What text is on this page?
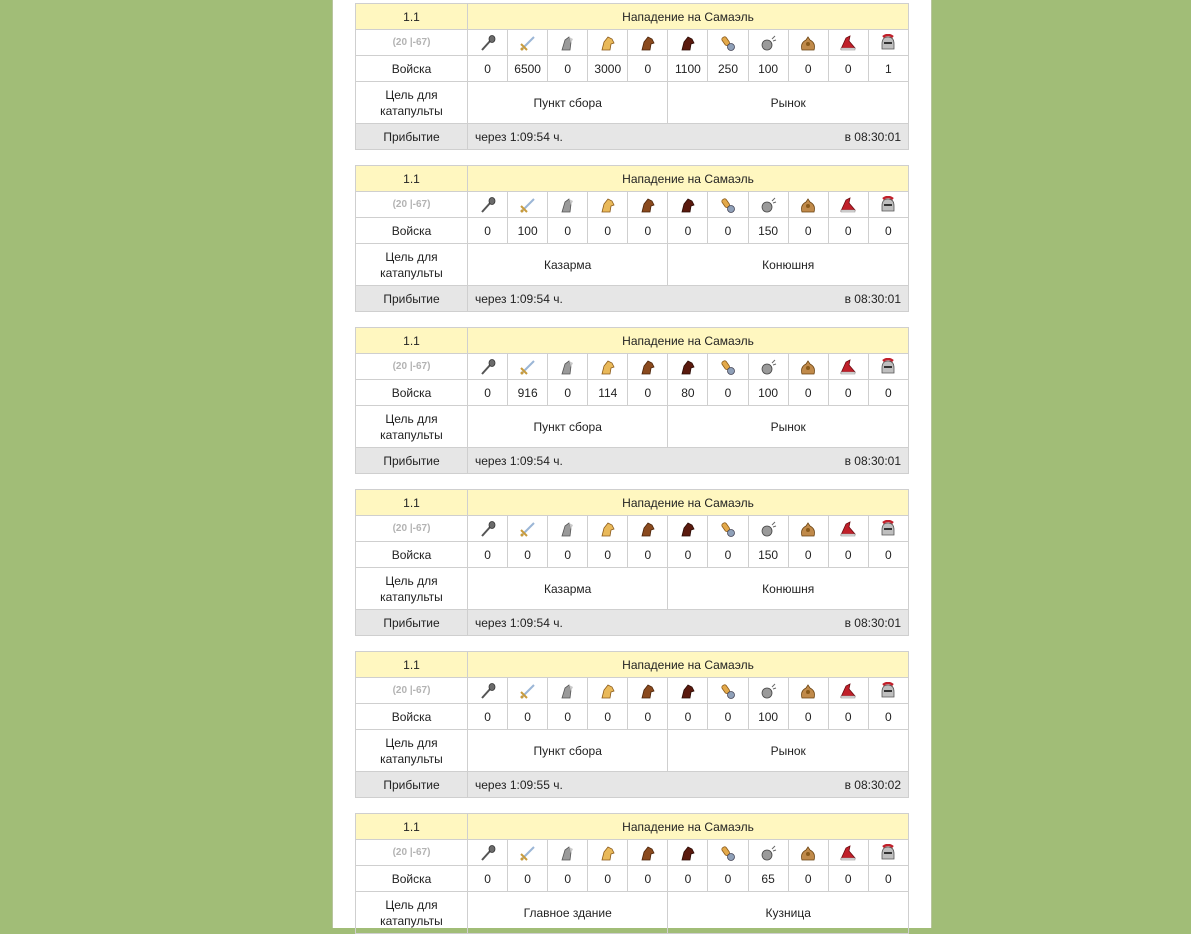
1.1	Нападение на Самаэль										
(20 |-67)											
Войска	0	6500	0	3000	0	1100	250	100	0	0	1
Цель для катапульты	Пункт сбора					Рынок					
Прибытие	через 1:09:54 ч. в 08:30:01										
1.1	Нападение на Самаэль										
(20 |-67)											
Войска	0	100	0	0	0	0	0	150	0	0	0
Цель для катапульты	Казарма					Конюшня					
Прибытие	через 1:09:54 ч. в 08:30:01										
1.1	Нападение на Самаэль										
(20 |-67)											
Войска	0	916	0	114	0	80	0	100	0	0	0
Цель для катапульты	Пункт сбора					Рынок					
Прибытие	через 1:09:54 ч. в 08:30:01										
1.1	Нападение на Самаэль										
(20 |-67)											
Войска	0	0	0	0	0	0	0	150	0	0	0
Цель для катапульты	Казарма					Конюшня					
Прибытие	через 1:09:54 ч. в 08:30:01										
1.1	Нападение на Самаэль										
(20 |-67)											
Войска	0	0	0	0	0	0	0	100	0	0	0
Цель для катапульты	Пункт сбора					Рынок					
Прибытие	через 1:09:55 ч. в 08:30:02										
1.1	Нападение на Самаэль										
(20 |-67)											
Войска	0	0	0	0	0	0	0	65	0	0	0
Цель для катапульты	Главное здание					Кузница					
